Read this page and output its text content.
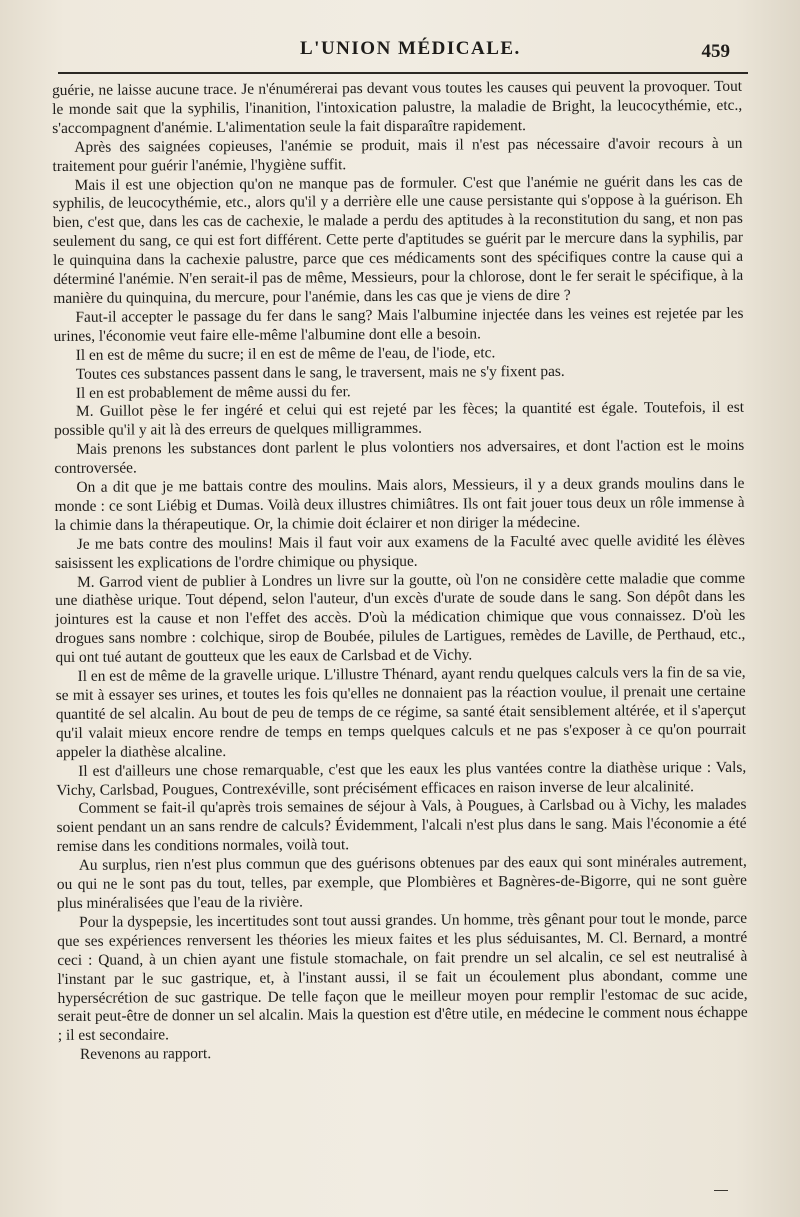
L'UNION MÉDICALE.	459

guérie, ne laisse aucune trace. Je n'énumérerai pas devant vous toutes les causes qui peuvent la provoquer. Tout le monde sait que la syphilis, l'inanition, l'intoxication palustre, la maladie de Bright, la leucocythémie, etc., s'accompagnent d'anémie. L'alimentation seule la fait disparaître rapidement.

Après des saignées copieuses, l'anémie se produit, mais il n'est pas nécessaire d'avoir recours à un traitement pour guérir l'anémie, l'hygiène suffit.

Mais il est une objection qu'on ne manque pas de formuler. C'est que l'anémie ne guérit dans les cas de syphilis, de leucocythémie, etc., alors qu'il y a derrière elle une cause persistante qui s'oppose à la guérison. Eh bien, c'est que, dans les cas de cachexie, le malade a perdu des aptitudes à la reconstitution du sang, et non pas seulement du sang, ce qui est fort différent. Cette perte d'aptitudes se guérit par le mercure dans la syphilis, par le quinquina dans la cachexie palustre, parce que ces médicaments sont des spécifiques contre la cause qui a déterminé l'anémie. N'en serait-il pas de même, Messieurs, pour la chlorose, dont le fer serait le spécifique, à la manière du quinquina, du mercure, pour l'anémie, dans les cas que je viens de dire ?

Faut-il accepter le passage du fer dans le sang? Mais l'albumine injectée dans les veines est rejetée par les urines, l'économie veut faire elle-même l'albumine dont elle a besoin.

Il en est de même du sucre; il en est de même de l'eau, de l'iode, etc.

Toutes ces substances passent dans le sang, le traversent, mais ne s'y fixent pas.

Il en est probablement de même aussi du fer.

M. Guillot pèse le fer ingéré et celui qui est rejeté par les fèces; la quantité est égale. Toutefois, il est possible qu'il y ait là des erreurs de quelques milligrammes.

Mais prenons les substances dont parlent le plus volontiers nos adversaires, et dont l'action est le moins controversée.

On a dit que je me battais contre des moulins. Mais alors, Messieurs, il y a deux grands moulins dans le monde : ce sont Liébig et Dumas. Voilà deux illustres chimiâtres. Ils ont fait jouer tous deux un rôle immense à la chimie dans la thérapeutique. Or, la chimie doit éclairer et non diriger la médecine.

Je me bats contre des moulins! Mais il faut voir aux examens de la Faculté avec quelle avidité les élèves saisissent les explications de l'ordre chimique ou physique.

M. Garrod vient de publier à Londres un livre sur la goutte, où l'on ne considère cette maladie que comme une diathèse urique. Tout dépend, selon l'auteur, d'un excès d'urate de soude dans le sang. Son dépôt dans les jointures est la cause et non l'effet des accès. D'où la médication chimique que vous connaissez. D'où les drogues sans nombre : colchique, sirop de Boubée, pilules de Lartigues, remèdes de Laville, de Perthaud, etc., qui ont tué autant de goutteux que les eaux de Carlsbad et de Vichy.

Il en est de même de la gravelle urique. L'illustre Thénard, ayant rendu quelques calculs vers la fin de sa vie, se mit à essayer ses urines, et toutes les fois qu'elles ne donnaient pas la réaction voulue, il prenait une certaine quantité de sel alcalin. Au bout de peu de temps de ce régime, sa santé était sensiblement altérée, et il s'aperçut qu'il valait mieux encore rendre de temps en temps quelques calculs et ne pas s'exposer à ce qu'on pourrait appeler la diathèse alcaline.

Il est d'ailleurs une chose remarquable, c'est que les eaux les plus vantées contre la diathèse urique : Vals, Vichy, Carlsbad, Pougues, Contrexéville, sont précisément efficaces en raison inverse de leur alcalinité.

Comment se fait-il qu'après trois semaines de séjour à Vals, à Pougues, à Carlsbad ou à Vichy, les malades soient pendant un an sans rendre de calculs? Évidemment, l'alcali n'est plus dans le sang. Mais l'économie a été remise dans les conditions normales, voilà tout.

Au surplus, rien n'est plus commun que des guérisons obtenues par des eaux qui sont minérales autrement, ou qui ne le sont pas du tout, telles, par exemple, que Plombières et Bagnères-de-Bigorre, qui ne sont guère plus minéralisées que l'eau de la rivière.

Pour la dyspepsie, les incertitudes sont tout aussi grandes. Un homme, très gênant pour tout le monde, parce que ses expériences renversent les théories les mieux faites et les plus séduisantes, M. Cl. Bernard, a montré ceci : Quand, à un chien ayant une fistule stomachale, on fait prendre un sel alcalin, ce sel est neutralisé à l'instant par le suc gastrique, et, à l'instant aussi, il se fait un écoulement plus abondant, comme une hypersécrétion de suc gastrique. De telle façon que le meilleur moyen pour remplir l'estomac de suc acide, serait peut-être de donner un sel alcalin. Mais la question est d'être utile, en médecine le comment nous échappe ; il est secondaire.

Revenons au rapport.
